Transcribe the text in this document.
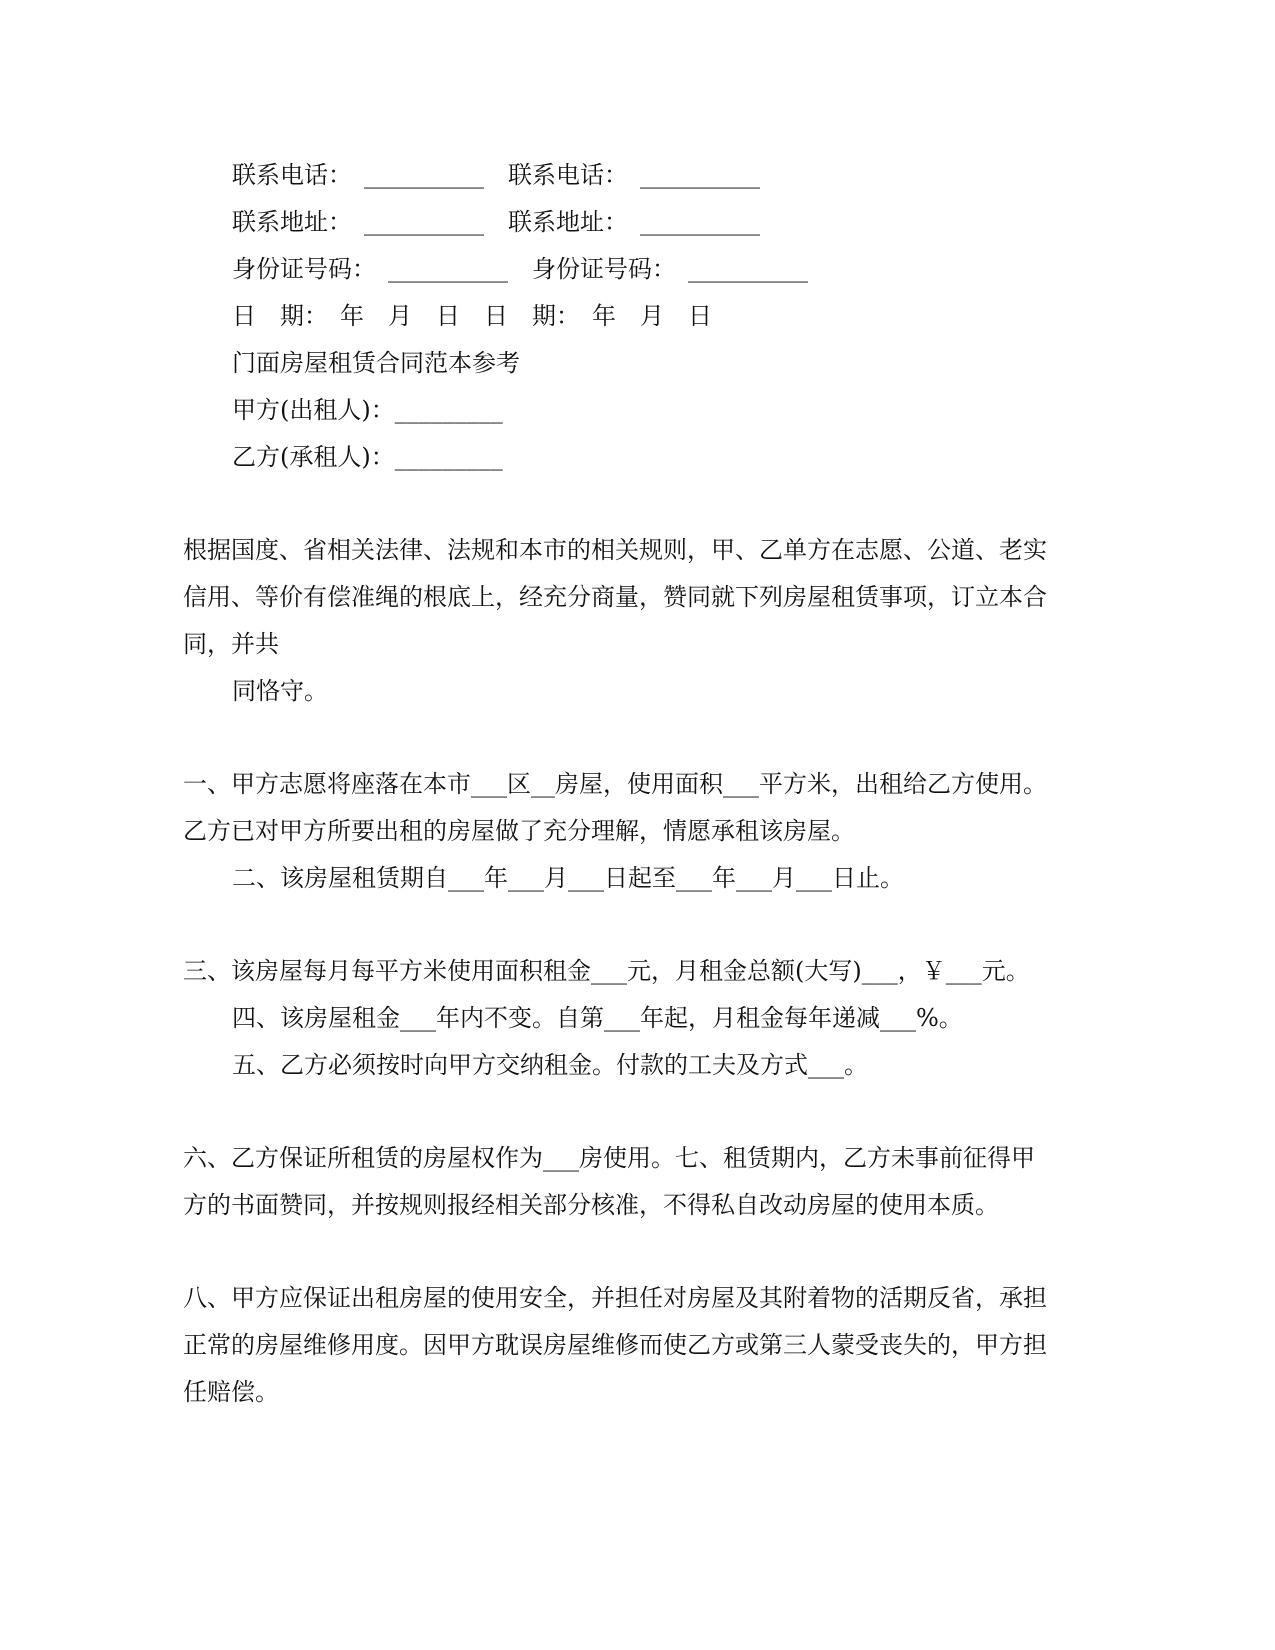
联系电话：　__________　联系电话：　__________
联系地址：　__________　联系地址：　__________
身份证号码：　__________　身份证号码：　__________
日　期：　年　月　日　日　期：　年　月　日
门面房屋租赁合同范本参考
甲方(出租人)：_________
乙方(承租人)：_________
根据国度、省相关法律、法规和本市的相关规则，甲、乙单方在志愿、公道、老实
信用、等价有偿准绳的根底上，经充分商量，赞同就下列房屋租赁事项，订立本合
同，并共
同恪守。
一、甲方志愿将座落在本市___区__房屋，使用面积___平方米，出租给乙方使用。
乙方已对甲方所要出租的房屋做了充分理解，情愿承租该房屋。
二、该房屋租赁期自___年___月___日起至___年___月___日止。
三、该房屋每月每平方米使用面积租金___元，月租金总额(大写)___，￥___元。
四、该房屋租金___年内不变。自第___年起，月租金每年递减___%。
五、乙方必须按时向甲方交纳租金。付款的工夫及方式___。
六、乙方保证所租赁的房屋权作为___房使用。七、租赁期内，乙方未事前征得甲
方的书面赞同，并按规则报经相关部分核准，不得私自改动房屋的使用本质。
八、甲方应保证出租房屋的使用安全，并担任对房屋及其附着物的活期反省，承担
正常的房屋维修用度。因甲方耽误房屋维修而使乙方或第三人蒙受丧失的，甲方担
任赔偿。
